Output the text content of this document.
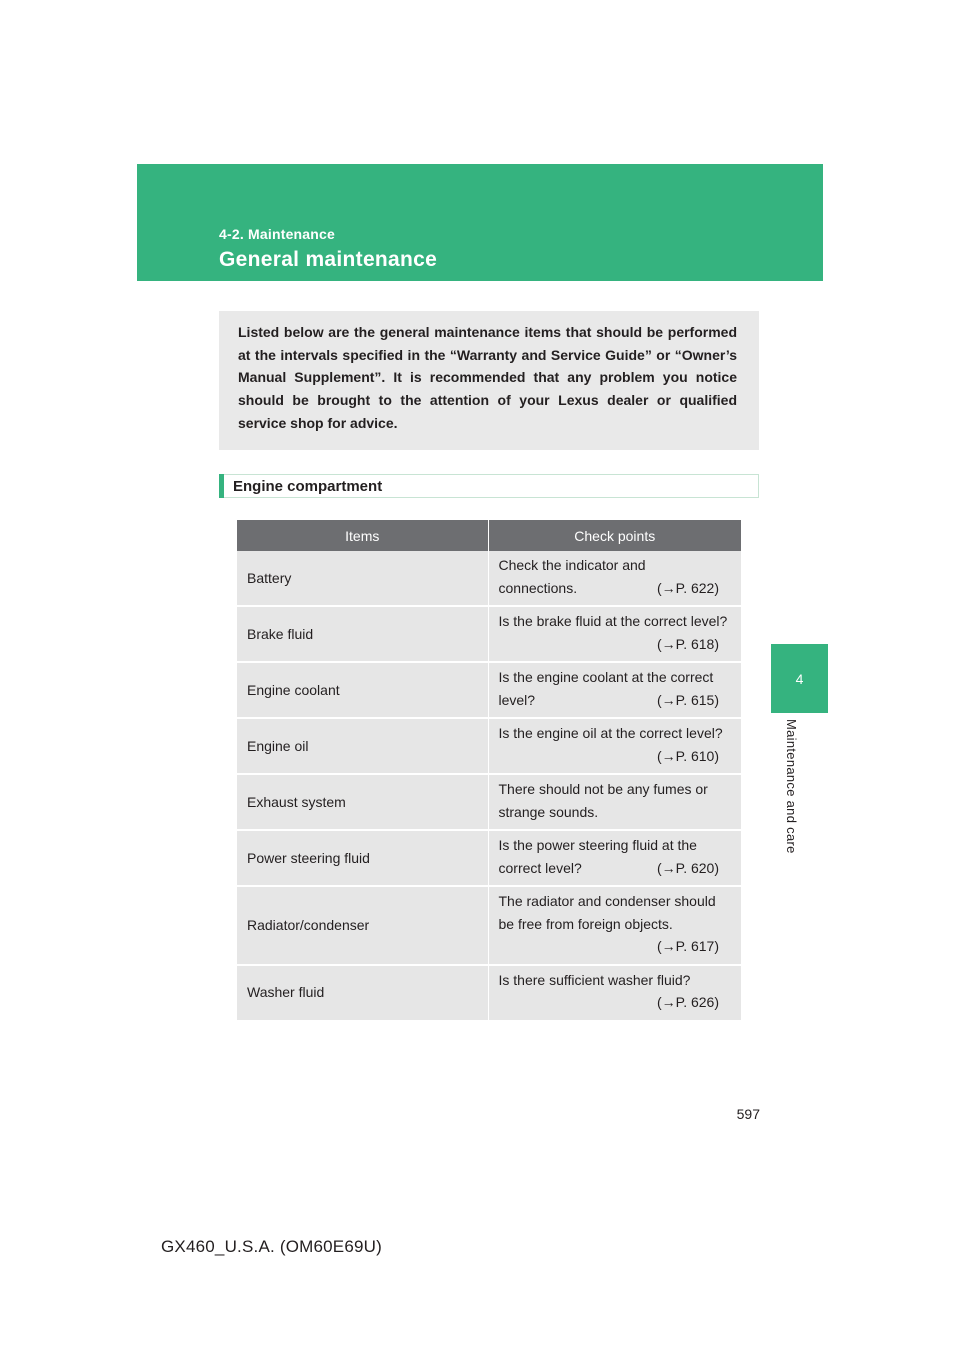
4-2. Maintenance
General maintenance
4
Maintenance and care

Listed below are the general maintenance items that should be performed at the intervals specified in the “Warranty and Service Guide” or “Owner’s Manual Supplement”. It is recommended that any problem you notice should be brought to the attention of your Lexus dealer or qualified service shop for advice.

Engine compartment
Items	Check points
Battery	Check the indicator and
connections. (→P. 622)

Brake fluid	Is the brake fluid at the correct level?
(→P. 618)

Engine coolant	Is the engine coolant at the correct
level? (→P. 615)

Engine oil	Is the engine oil at the correct level?
(→P. 610)

Exhaust system	There should not be any fumes or
strange sounds.

Power steering fluid	Is the power steering fluid at the
correct level? (→P. 620)

Radiator/condenser	The radiator and condenser should
be free from foreign objects.
(→P. 617)

Washer fluid	Is there sufficient washer fluid?
(→P. 626)
597
GX460_U.S.A. (OM60E69U)
